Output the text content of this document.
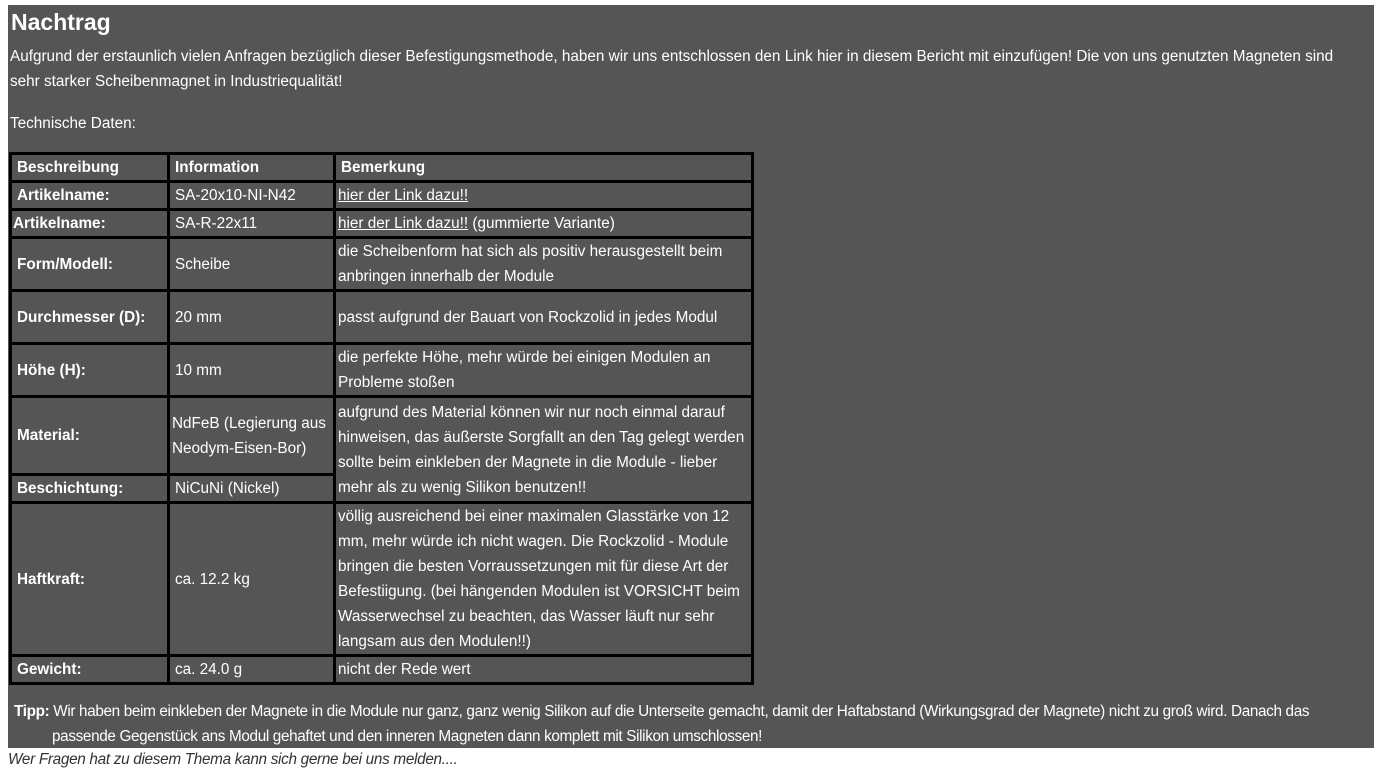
Nachtrag

Aufgrund der erstaunlich vielen Anfragen bezüglich dieser Befestigungsmethode, haben wir uns entschlossen den Link hier in diesem Bericht mit einzufügen! Die von uns genutzten Magneten sind sehr starker Scheibenmagnet in Industriequalität!

Technische Daten:

Beschreibung	Information	Bemerkung
Artikelname:	SA-20x10-NI-N42	hier der Link dazu!!
Artikelname:	SA-R-22x11	hier der Link dazu!! (gummierte Variante)
Form/Modell:	Scheibe	die Scheibenform hat sich als positiv herausgestellt beim anbringen innerhalb der Module
Durchmesser (D):	20 mm	passt aufgrund der Bauart von Rockzolid in jedes Modul
Höhe (H):	10 mm	die perfekte Höhe, mehr würde bei einigen Modulen an Probleme stoßen
Material:	NdFeB (Legierung aus Neodym-Eisen-Bor)	aufgrund des Material können wir nur noch einmal darauf hinweisen, das äußerste Sorgfallt an den Tag gelegt werden sollte beim einkleben der Magnete in die Module - lieber mehr als zu wenig Silikon benutzen!!
Beschichtung:	NiCuNi (Nickel)	
Haftkraft:	ca. 12.2 kg	völlig ausreichend bei einer maximalen Glasstärke von 12 mm, mehr würde ich nicht wagen. Die Rockzolid - Module bringen die besten Vorraussetzungen mit für diese Art der Befestiigung. (bei hängenden Modulen ist VORSICHT beim Wasserwechsel zu beachten, das Wasser läuft nur sehr langsam aus den Modulen!!)
Gewicht:	ca. 24.0 g	nicht der Rede wert

Tipp: Wir haben beim einkleben der Magnete in die Module nur ganz, ganz wenig Silikon auf die Unterseite gemacht, damit der Haftabstand (Wirkungsgrad der Magnete) nicht zu groß wird. Danach das passende Gegenstück ans Modul gehaftet und den inneren Magneten dann komplett mit Silikon umschlossen!

Wer Fragen hat zu diesem Thema kann sich gerne bei uns melden....
